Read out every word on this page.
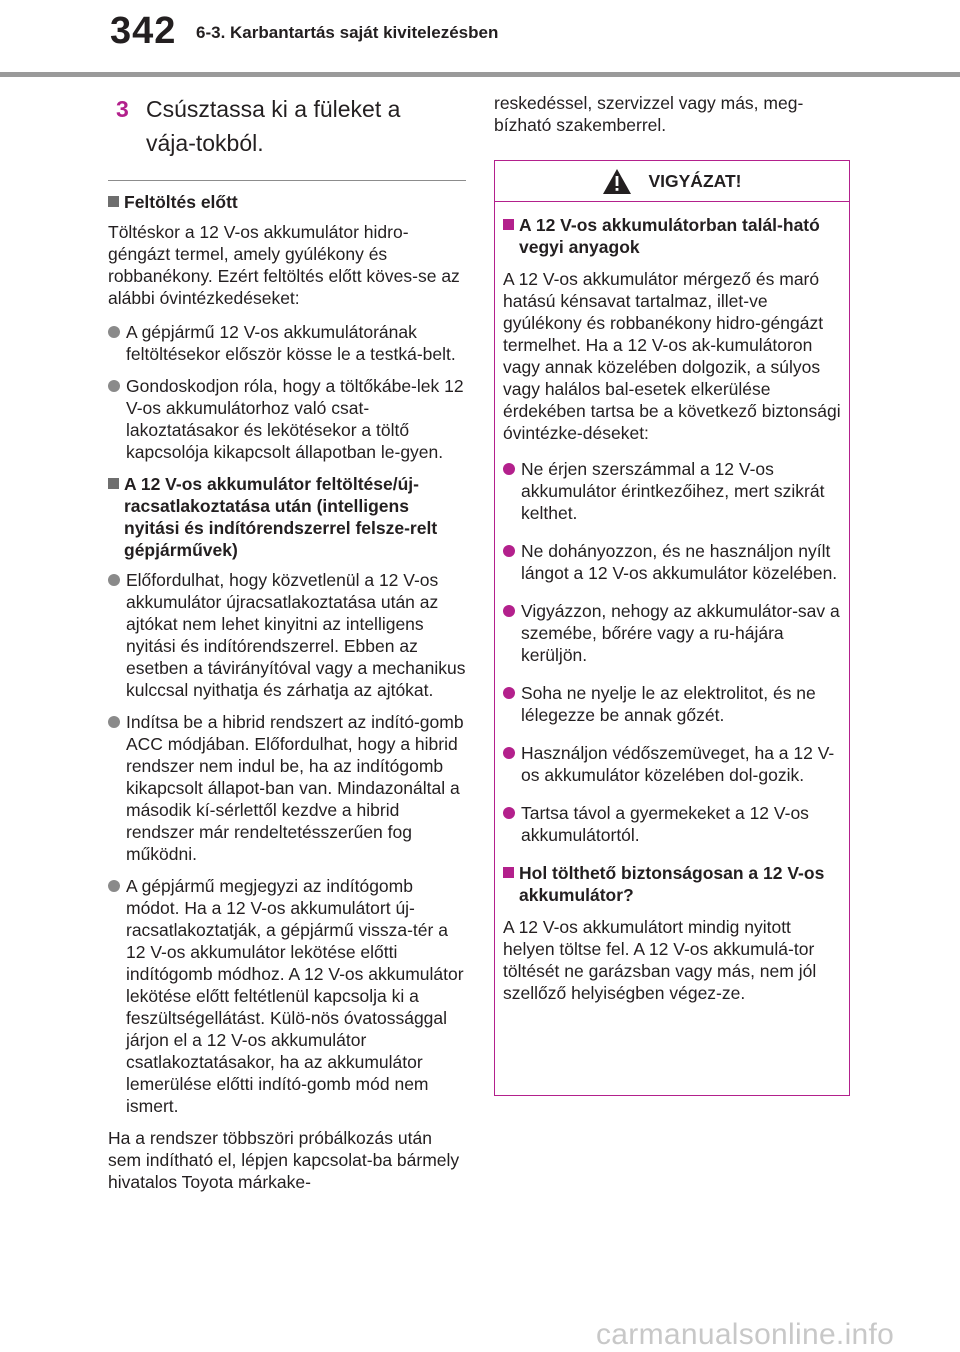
342 6-3. Karbantartás saját kivitelezésben
3 Csúsztassa ki a füleket a vája-tokból.
Feltöltés előtt

Töltéskor a 12 V-os akkumulátor hidro-géngázt termel, amely gyúlékony és robbanékony. Ezért feltöltés előtt köves-se az alábbi óvintézkedéseket:

A gépjármű 12 V-os akkumulátorának feltöltésekor először kösse le a testká-belt.
Gondoskodjon róla, hogy a töltőkábe-lek 12 V-os akkumulátorhoz való csat-lakoztatásakor és lekötésekor a töltő kapcsolója kikapcsolt állapotban le-gyen.
A 12 V-os akkumulátor feltöltése/új-racsatlakoztatása után (intelligens nyitási és indítórendszerrel felsze-relt gépjárművek)
Előfordulhat, hogy közvetlenül a 12 V-os akkumulátor újracsatlakoztatása után az ajtókat nem lehet kinyitni az intelligens nyitási és indítórendszerrel. Ebben az esetben a távirányítóval vagy a mechanikus kulccsal nyithatja és zárhatja az ajtókat.
Indítsa be a hibrid rendszert az indító-gomb ACC módjában. Előfordulhat, hogy a hibrid rendszer nem indul be, ha az indítógomb kikapcsolt állapot-ban van. Mindazonáltal a második kí-sérlettől kezdve a hibrid rendszer már rendeltetésszerűen fog működni.
A gépjármű megjegyzi az indítógomb módot. Ha a 12 V-os akkumulátort új-racsatlakoztatják, a gépjármű vissza-tér a 12 V-os akkumulátor lekötése előtti indítógomb módhoz. A 12 V-os akkumulátor lekötése előtt feltétlenül kapcsolja ki a feszültségellátást. Külö-nös óvatossággal járjon el a 12 V-os akkumulátor csatlakoztatásakor, ha az akkumulátor lemerülése előtti indító-gomb mód nem ismert.

Ha a rendszer többszöri próbálkozás után sem indítható el, lépjen kapcsolat-ba bármely hivatalos Toyota márkake-

reskedéssel, szervizzel vagy más, meg-bízható szakemberrel.

VIGYÁZAT!
A 12 V-os akkumulátorban talál-ható vegyi anyagok

A 12 V-os akkumulátor mérgező és maró hatású kénsavat tartalmaz, illet-ve gyúlékony és robbanékony hidro-géngázt termelhet. Ha a 12 V-os ak-kumulátoron vagy annak közelében dolgozik, a súlyos vagy halálos bal-esetek elkerülése érdekében tartsa be a következő biztonsági óvintézke-déseket:

Ne érjen szerszámmal a 12 V-os akkumulátor érintkezőihez, mert szikrát kelthet.
Ne dohányozzon, és ne használjon nyílt lángot a 12 V-os akkumulátor közelében.
Vigyázzon, nehogy az akkumulátor-sav a szemébe, bőrére vagy a ru-hájára kerüljön.
Soha ne nyelje le az elektrolitot, és ne lélegezze be annak gőzét.
Használjon védőszemüveget, ha a 12 V-os akkumulátor közelében dol-gozik.
Tartsa távol a gyermekeket a 12 V-os akkumulátortól.
Hol tölthető biztonságosan a 12 V-os akkumulátor?

A 12 V-os akkumulátort mindig nyitott helyen töltse fel. A 12 V-os akkumulá-tor töltését ne garázsban vagy más, nem jól szellőző helyiségben végez-ze.

carmanualsonline.info
